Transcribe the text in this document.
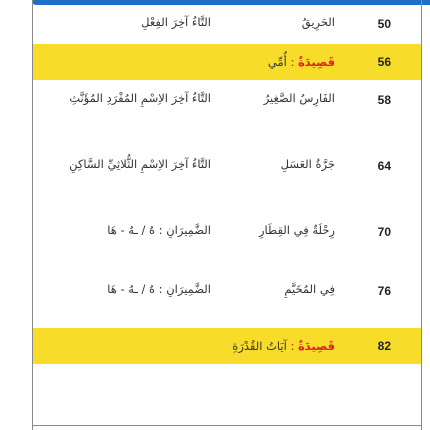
50
الحَرِيقُ
التَّاءُ آخِرَ الفِعْلِ
56
قَصِيدَةٌ : أُمِّي
58
الفَارِسُ الصَّغِيرُ
التَّاءُ آخِرَ الاِسْمِ المُفْرَدِ المُؤَنَّثِ
64
جَرَّةُ العَسَلِ
التَّاءُ آخِرَ الاِسْمِ الثُّلاثِيِّ السَّاكِنِ
70
رِحْلَةٌ فِي القِطَارِ
الضَّمِيرَانِ : هُ / ـهُ - هَا
76
فِي المُخَيَّمِ
الضَّمِيرَانِ : هُ / ـهُ - هَا
82
قَصِيدَةٌ : آيَاتُ القُدْرَةِ
